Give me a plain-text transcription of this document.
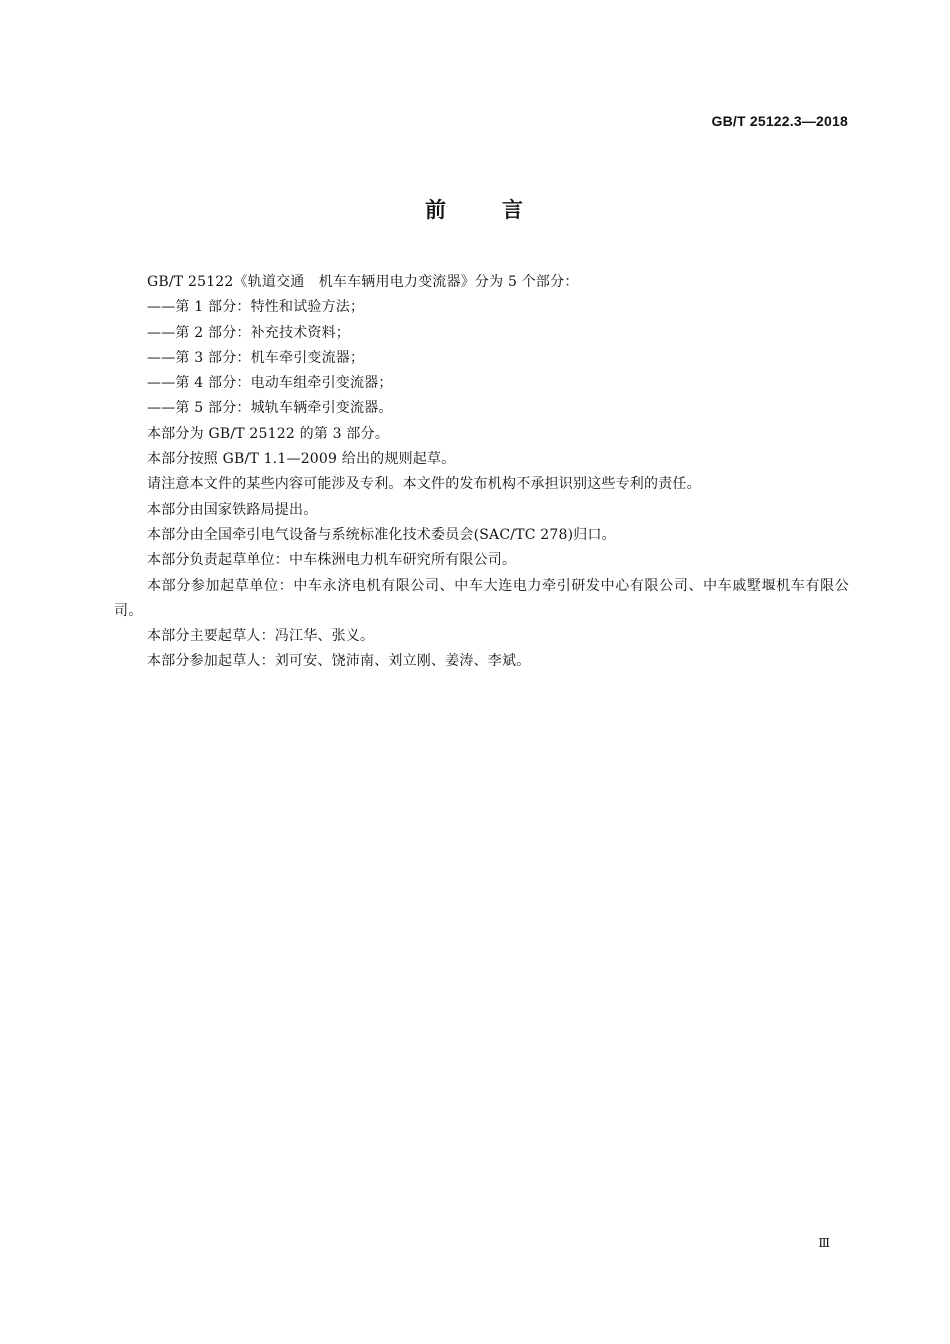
GB/T 25122.3—2018
前	言

GB/T 25122《轨道交通　机车车辆用电力变流器》分为 5 个部分：

——第 1 部分：特性和试验方法；

——第 2 部分：补充技术资料；

——第 3 部分：机车牵引变流器；

——第 4 部分：电动车组牵引变流器；

——第 5 部分：城轨车辆牵引变流器。

本部分为 GB/T 25122 的第 3 部分。

本部分按照 GB/T 1.1—2009 给出的规则起草。

请注意本文件的某些内容可能涉及专利。本文件的发布机构不承担识别这些专利的责任。

本部分由国家铁路局提出。

本部分由全国牵引电气设备与系统标准化技术委员会(SAC/TC 278)归口。

本部分负责起草单位：中车株洲电力机车研究所有限公司。

本部分参加起草单位：中车永济电机有限公司、中车大连电力牵引研发中心有限公司、中车戚墅堰机车有限公司。

本部分主要起草人：冯江华、张义。

本部分参加起草人：刘可安、饶沛南、刘立刚、姜涛、李斌。

Ⅲ
